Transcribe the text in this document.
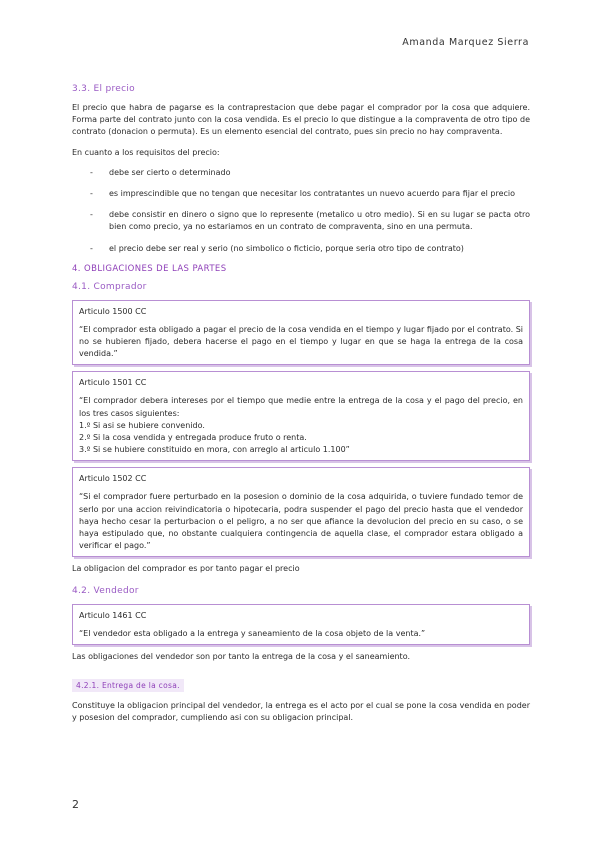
Amanda Marquez Sierra
3.3. El precio

El precio que habra de pagarse es la contraprestacion que debe pagar el comprador por la cosa que adquiere. Forma parte del contrato junto con la cosa vendida. Es el precio lo que distingue a la compraventa de otro tipo de contrato (donacion o permuta). Es un elemento esencial del contrato, pues sin precio no hay compraventa.

En cuanto a los requisitos del precio:

- debe ser cierto o determinado
- es imprescindible que no tengan que necesitar los contratantes un nuevo acuerdo para fijar el precio
- debe consistir en dinero o signo que lo represente (metalico u otro medio). Si en su lugar se pacta otro bien como precio, ya no estariamos en un contrato de compraventa, sino en una permuta.
- el precio debe ser real y serio (no simbolico o ficticio, porque seria otro tipo de contrato)
4. OBLIGACIONES DE LAS PARTES
4.1. Comprador
Articulo 1500 CC
“El comprador esta obligado a pagar el precio de la cosa vendida en el tiempo y lugar fijado por el contrato. Si no se hubieren fijado, debera hacerse el pago en el tiempo y lugar en que se haga la entrega de la cosa vendida.”
Articulo 1501 CC
“El comprador debera intereses por el tiempo que medie entre la entrega de la cosa y el pago del precio, en los tres casos siguientes:
1.º Si asi se hubiere convenido.
2.º Si la cosa vendida y entregada produce fruto o renta.
3.º Si se hubiere constituido en mora, con arreglo al articulo 1.100”
Articulo 1502 CC
“Si el comprador fuere perturbado en la posesion o dominio de la cosa adquirida, o tuviere fundado temor de serlo por una accion reivindicatoria o hipotecaria, podra suspender el pago del precio hasta que el vendedor haya hecho cesar la perturbacion o el peligro, a no ser que afiance la devolucion del precio en su caso, o se haya estipulado que, no obstante cualquiera contingencia de aquella clase, el comprador estara obligado a verificar el pago.”

La obligacion del comprador es por tanto pagar el precio

4.2. Vendedor
Articulo 1461 CC
“El vendedor esta obligado a la entrega y saneamiento de la cosa objeto de la venta.”

Las obligaciones del vendedor son por tanto la entrega de la cosa y el saneamiento.

4.2.1. Entrega de la cosa.

Constituye la obligacion principal del vendedor, la entrega es el acto por el cual se pone la cosa vendida en poder y posesion del comprador, cumpliendo asi con su obligacion principal.

2
